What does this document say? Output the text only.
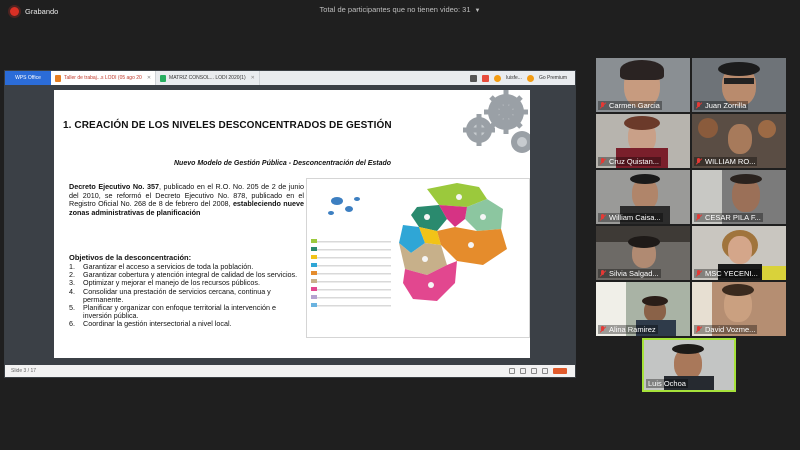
Grabando	Total de participantes que no tienen video: 31 ▼
WPS Office	Taller de trabaj...s LODI (05 ago 20 ✕	MATRIZ CONSOL... LODI 2020(1) ✕	luisfe...	Go Premium
1. CREACIÓN DE LOS NIVELES DESCONCENTRADOS DE GESTIÓN
Nuevo Modelo de Gestión Pública - Desconcentración del Estado
Decreto Ejecutivo No. 357, publicado en el R.O. No. 205 de 2 de junio del 2010, se reformó el Decreto Ejecutivo No. 878, publicado en el Registro Oficial No. 268 de 8 de febrero del 2008, estableciendo nueve zonas administrativas de planificación
Objetivos de la desconcentración:
1.	Garantizar el acceso a servicios de toda la población.
2.	Garantizar cobertura y atención integral de calidad de los servicios.
3.	Optimizar y mejorar el manejo de los recursos públicos.
4.	Consolidar una prestación de servicios cercana, continua y permanente.
5.	Planificar y organizar con enfoque territorial la intervención e inversión pública.
6.	Coordinar la gestión intersectorial a nivel local.
Slide 3 / 17
Carmen Garcia	Juan Zorrilla
Cruz Quistan...	WILLIAM RO...
William Caisa...	CESAR PILA F...
Silvia Salgad...	MSC YECENI...
Alina Ramirez	David Vozme...
Luis Ochoa
